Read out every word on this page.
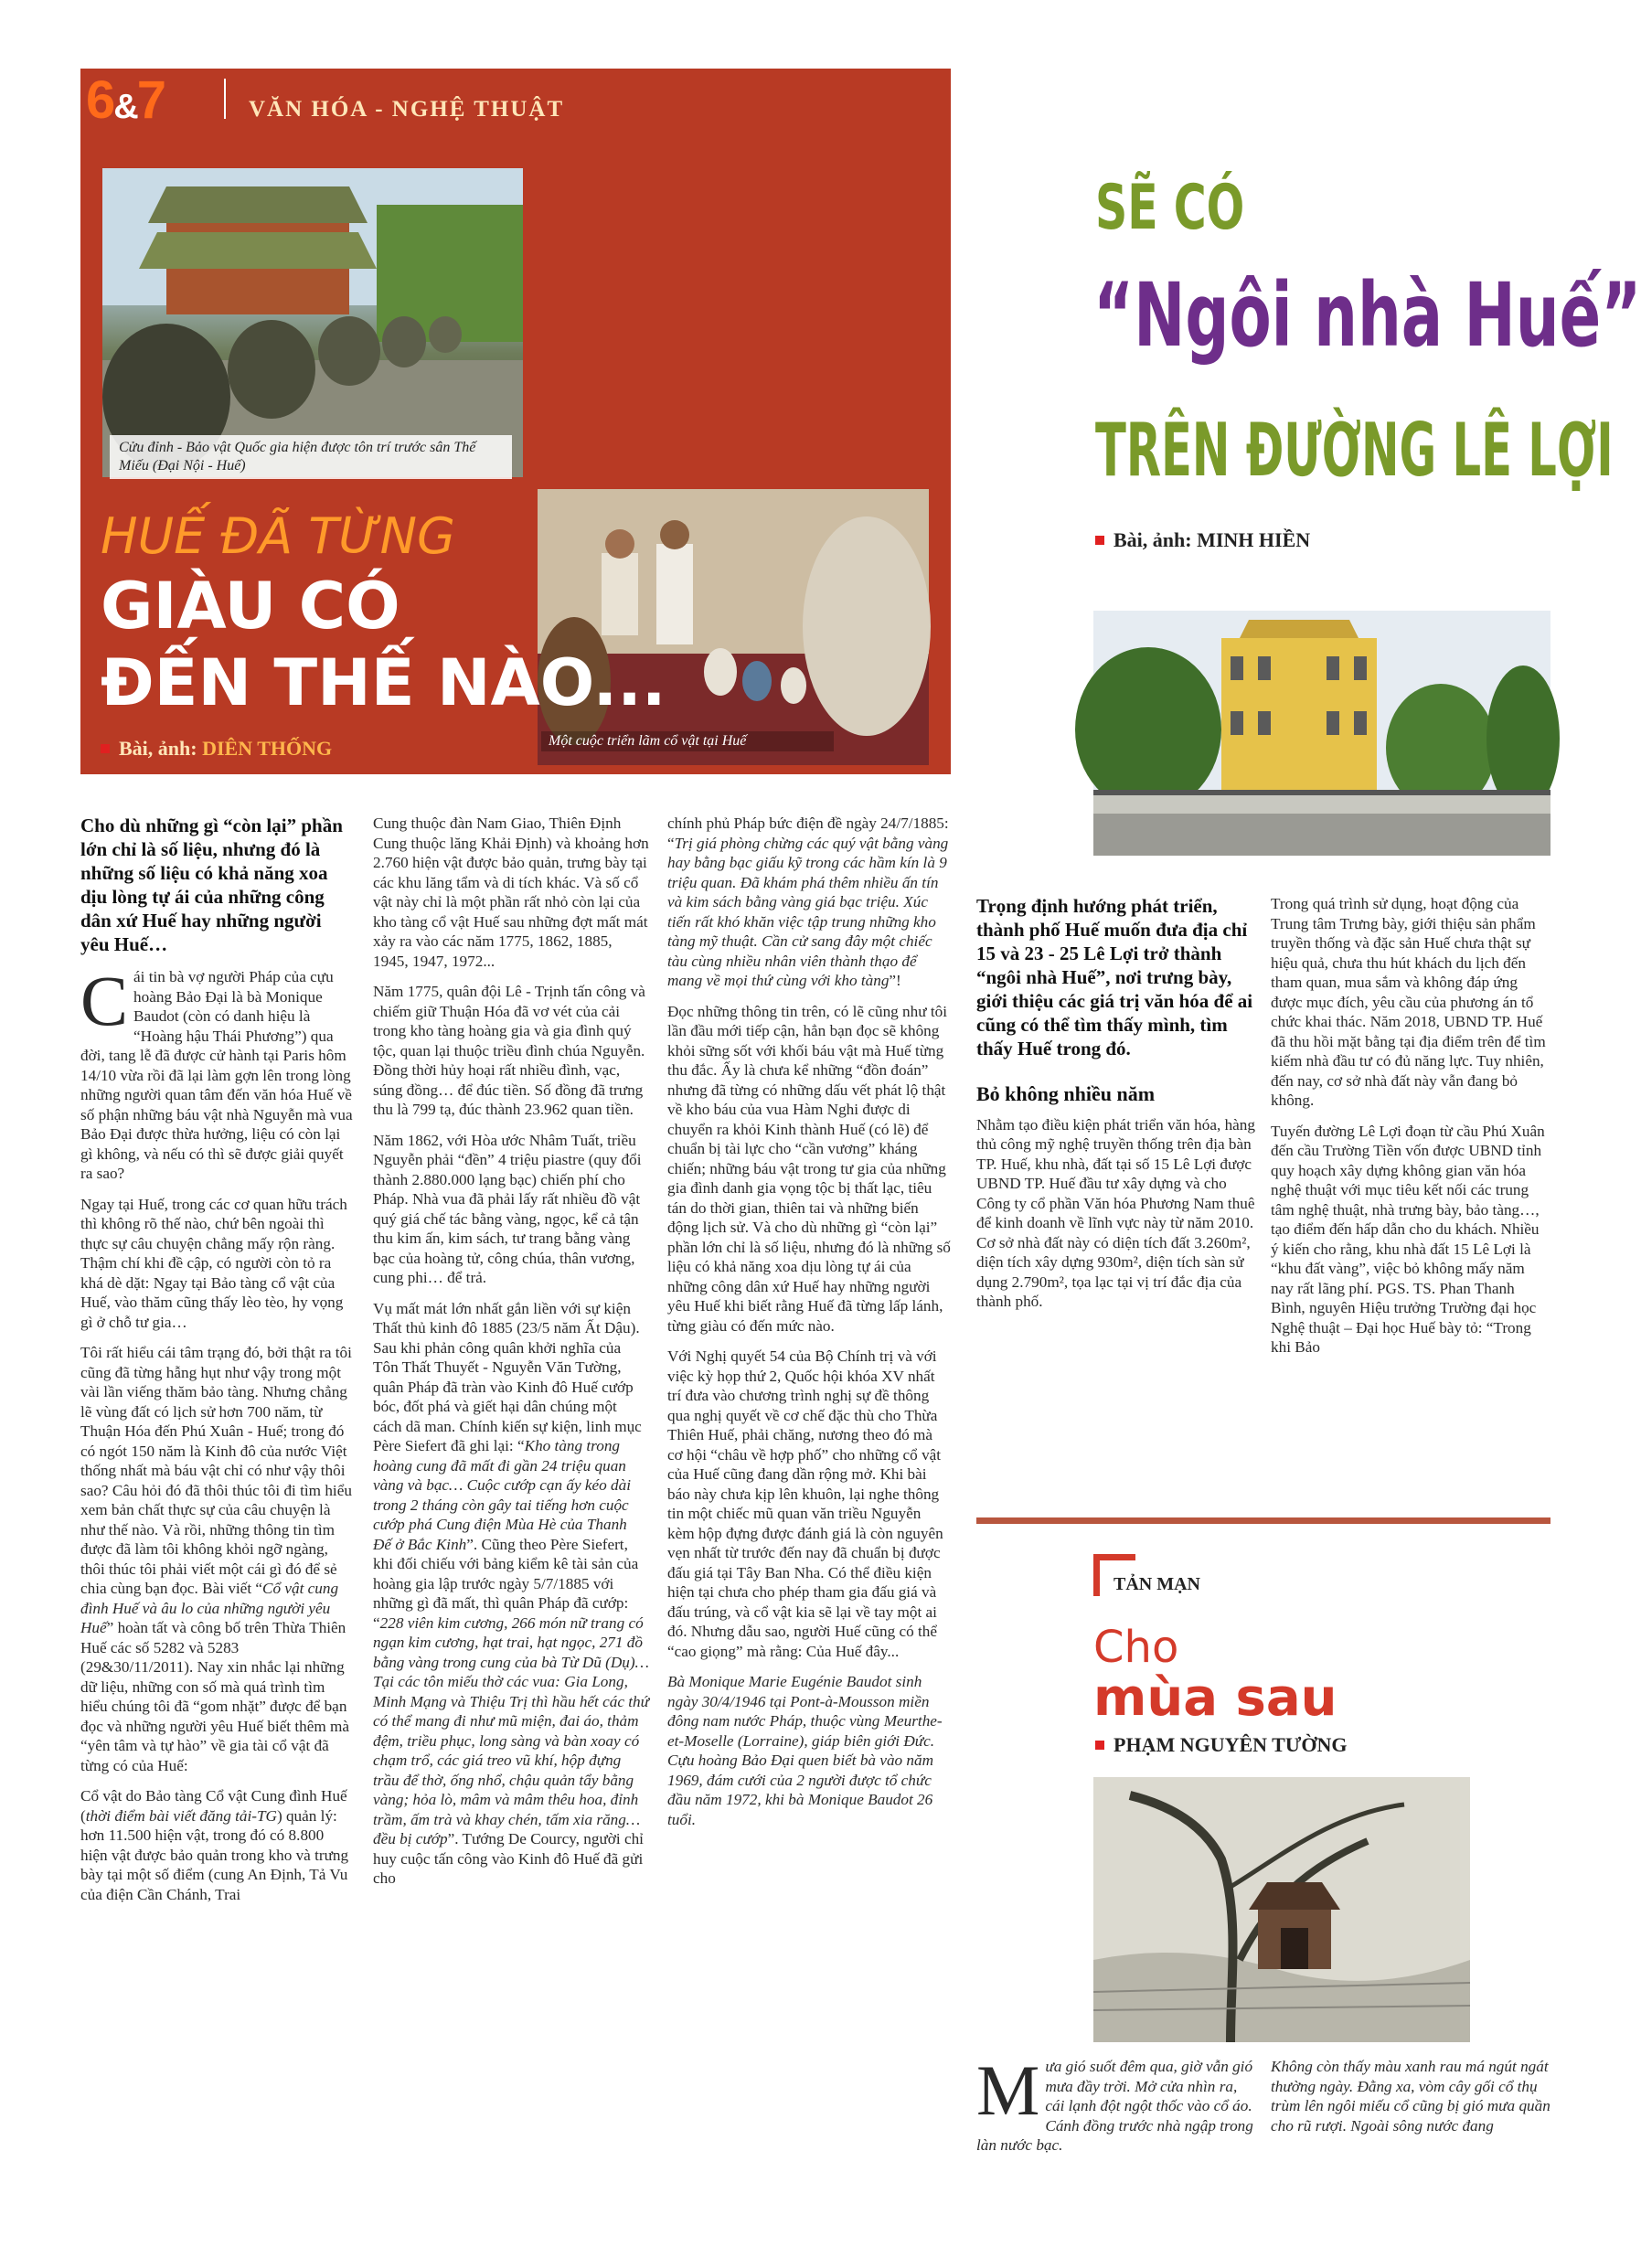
6&7	VĂN HÓA - NGHỆ THUẬT
Cửu đỉnh - Bảo vật Quốc gia hiện được tôn trí trước sân Thế Miếu (Đại Nội - Huế)
Một cuộc triển lãm cổ vật tại Huế
HUẾ ĐÃ TỪNG
GIÀU CÓ
ĐẾN THẾ NÀO...
Bài, ảnh: DIÊN THỐNG
SẼ CÓ
“Ngôi nhà Huế”
TRÊN ĐƯỜNG LÊ LỢI
Bài, ảnh: MINH HIỀN

Cho dù những gì “còn lại” phần lớn chỉ là số liệu, nhưng đó là những số liệu có khả năng xoa dịu lòng tự ái của những công dân xứ Huế hay những người yêu Huế…

Cái tin bà vợ người Pháp của cựu hoàng Bảo Đại là bà Monique Baudot (còn có danh hiệu là “Hoàng hậu Thái Phương”) qua đời, tang lễ đã được cử hành tại Paris hôm 14/10 vừa rồi đã lại làm gợn lên trong lòng những người quan tâm đến văn hóa Huế về số phận những báu vật nhà Nguyễn mà vua Bảo Đại được thừa hưởng, liệu có còn lại gì không, và nếu có thì sẽ được giải quyết ra sao?

Ngay tại Huế, trong các cơ quan hữu trách thì không rõ thế nào, chứ bên ngoài thì thực sự câu chuyện chẳng mấy rộn ràng. Thậm chí khi đề cập, có người còn tỏ ra khá dè dặt: Ngay tại Bảo tàng cổ vật của Huế, vào thăm cũng thấy lèo tèo, hy vọng gì ở chỗ tư gia…

Tôi rất hiểu cái tâm trạng đó, bởi thật ra tôi cũng đã từng hẫng hụt như vậy trong một vài lần viếng thăm bảo tàng. Nhưng chẳng lẽ vùng đất có lịch sử hơn 700 năm, từ Thuận Hóa đến Phú Xuân - Huế; trong đó có ngót 150 năm là Kinh đô của nước Việt thống nhất mà báu vật chỉ có như vậy thôi sao? Câu hỏi đó đã thôi thúc tôi đi tìm hiểu xem bản chất thực sự của câu chuyện là như thế nào. Và rồi, những thông tin tìm được đã làm tôi không khỏi ngỡ ngàng, thôi thúc tôi phải viết một cái gì đó để sẻ chia cùng bạn đọc. Bài viết “Cổ vật cung đình Huế và âu lo của những người yêu Huế” hoàn tất và công bố trên Thừa Thiên Huế các số 5282 và 5283 (29&30/11/2011). Nay xin nhắc lại những dữ liệu, những con số mà quá trình tìm hiểu chúng tôi đã “gom nhặt” được để bạn đọc và những người yêu Huế biết thêm mà “yên tâm và tự hào” về gia tài cổ vật đã từng có của Huế:

Cổ vật do Bảo tàng Cổ vật Cung đình Huế (thời điểm bài viết đăng tải-TG) quản lý: hơn 11.500 hiện vật, trong đó có 8.800 hiện vật được bảo quản trong kho và trưng bày tại một số điểm (cung An Định, Tả Vu của điện Cần Chánh, Trai

Cung thuộc đàn Nam Giao, Thiên Định Cung thuộc lăng Khải Định) và khoảng hơn 2.760 hiện vật được bảo quản, trưng bày tại các khu lăng tẩm và di tích khác. Và số cổ vật này chỉ là một phần rất nhỏ còn lại của kho tàng cổ vật Huế sau những đợt mất mát xảy ra vào các năm 1775, 1862, 1885, 1945, 1947, 1972...

Năm 1775, quân đội Lê - Trịnh tấn công và chiếm giữ Thuận Hóa đã vơ vét của cải trong kho tàng hoàng gia và gia đình quý tộc, quan lại thuộc triều đình chúa Nguyễn. Đồng thời hủy hoại rất nhiều đình, vạc, súng đồng… để đúc tiền. Số đồng đã trưng thu là 799 tạ, đúc thành 23.962 quan tiền.

Năm 1862, với Hòa ước Nhâm Tuất, triều Nguyễn phải “đền” 4 triệu piastre (quy đổi thành 2.880.000 lạng bạc) chiến phí cho Pháp. Nhà vua đã phải lấy rất nhiều đồ vật quý giá chế tác bằng vàng, ngọc, kể cả tận thu kim ấn, kim sách, tư trang bằng vàng bạc của hoàng tử, công chúa, thân vương, cung phi… để trả.

Vụ mất mát lớn nhất gắn liền với sự kiện Thất thủ kinh đô 1885 (23/5 năm Ất Dậu). Sau khi phản công quân khởi nghĩa của Tôn Thất Thuyết - Nguyễn Văn Tường, quân Pháp đã tràn vào Kinh đô Huế cướp bóc, đốt phá và giết hại dân chúng một cách dã man. Chính kiến sự kiện, linh mục Père Siefert đã ghi lại: “Kho tàng trong hoàng cung đã mất đi gần 24 triệu quan vàng và bạc… Cuộc cướp cạn ấy kéo dài trong 2 tháng còn gây tai tiếng hơn cuộc cướp phá Cung điện Mùa Hè của Thanh Đế ở Bắc Kinh”. Cũng theo Père Siefert, khi đối chiếu với bảng kiểm kê tài sản của hoàng gia lập trước ngày 5/7/1885 với những gì đã mất, thì quân Pháp đã cướp: “228 viên kim cương, 266 món nữ trang có ngạn kim cương, hạt trai, hạt ngọc, 271 đồ bằng vàng trong cung của bà Từ Dũ (Dụ)… Tại các tôn miếu thờ các vua: Gia Long, Minh Mạng và Thiệu Trị thì hầu hết các thứ có thể mang đi như mũ miện, đai áo, thảm đệm, triều phục, long sàng và bàn xoay có chạm trổ, các giá treo vũ khí, hộp đựng trầu để thờ, ống nhổ, chậu quản tẩy bằng vàng; hỏa lò, mâm và mâm thêu hoa, đỉnh trầm, ấm trà và khay chén, tấm xia răng… đều bị cướp”. Tướng De Courcy, người chỉ huy cuộc tấn công vào Kinh đô Huế đã gửi cho

chính phủ Pháp bức điện đề ngày 24/7/1885: “Trị giá phòng chừng các quý vật bằng vàng hay bằng bạc giấu kỹ trong các hầm kín là 9 triệu quan. Đã khám phá thêm nhiều ấn tín và kim sách bằng vàng giá bạc triệu. Xúc tiến rất khó khăn việc tập trung những kho tàng mỹ thuật. Cần cử sang đây một chiếc tàu cùng nhiều nhân viên thành thạo để mang về mọi thứ cùng với kho tàng”!

Đọc những thông tin trên, có lẽ cũng như tôi lần đầu mới tiếp cận, hẳn bạn đọc sẽ không khỏi sững sốt với khối báu vật mà Huế từng thu đắc. Ấy là chưa kể những “đồn đoán” nhưng đã từng có những dấu vết phát lộ thật về kho báu của vua Hàm Nghi được di chuyển ra khỏi Kinh thành Huế (có lẽ) để chuẩn bị tài lực cho “cần vương” kháng chiến; những báu vật trong tư gia của những gia đình danh gia vọng tộc bị thất lạc, tiêu tán do thời gian, thiên tai và những biến động lịch sử. Và cho dù những gì “còn lại” phần lớn chỉ là số liệu, nhưng đó là những số liệu có khả năng xoa dịu lòng tự ái của những công dân xứ Huế hay những người yêu Huế khi biết rằng Huế đã từng lấp lánh, từng giàu có đến mức nào.

Với Nghị quyết 54 của Bộ Chính trị và với việc kỳ họp thứ 2, Quốc hội khóa XV nhất trí đưa vào chương trình nghị sự đề thông qua nghị quyết về cơ chế đặc thù cho Thừa Thiên Huế, phải chăng, nương theo đó mà cơ hội “châu về hợp phố” cho những cổ vật của Huế cũng đang dần rộng mở. Khi bài báo này chưa kịp lên khuôn, lại nghe thông tin một chiếc mũ quan văn triều Nguyễn kèm hộp đựng được đánh giá là còn nguyên vẹn nhất từ trước đến nay đã chuẩn bị được đấu giá tại Tây Ban Nha. Có thể điều kiện hiện tại chưa cho phép tham gia đấu giá và đấu trúng, và cổ vật kia sẽ lại về tay một ai đó. Nhưng dẫu sao, người Huế cũng có thể “cao giọng” mà rằng: Của Huế đây...

Bà Monique Marie Eugénie Baudot sinh ngày 30/4/1946 tại Pont-à-Mousson miền đông nam nước Pháp, thuộc vùng Meurthe-et-Moselle (Lorraine), giáp biên giới Đức. Cựu hoàng Bảo Đại quen biết bà vào năm 1969, đám cưới của 2 người được tổ chức đầu năm 1972, khi bà Monique Baudot 26 tuổi.

Trọng định hướng phát triển, thành phố Huế muốn đưa địa chỉ 15 và 23 - 25 Lê Lợi trở thành “ngôi nhà Huế”, nơi trưng bày, giới thiệu các giá trị văn hóa để ai cũng có thể tìm thấy mình, tìm thấy Huế trong đó.

Bỏ không nhiều năm

Nhằm tạo điều kiện phát triển văn hóa, hàng thủ công mỹ nghệ truyền thống trên địa bàn TP. Huế, khu nhà, đất tại số 15 Lê Lợi được UBND TP. Huế đầu tư xây dựng và cho Công ty cổ phần Văn hóa Phương Nam thuê để kinh doanh về lĩnh vực này từ năm 2010. Cơ sở nhà đất này có diện tích đất 3.260m², diện tích xây dựng 930m², diện tích sàn sử dụng 2.790m², tọa lạc tại vị trí đắc địa của thành phố.

Trong quá trình sử dụng, hoạt động của Trung tâm Trưng bày, giới thiệu sản phẩm truyền thống và đặc sản Huế chưa thật sự hiệu quả, chưa thu hút khách du lịch đến tham quan, mua sắm và không đáp ứng được mục đích, yêu cầu của phương án tổ chức khai thác. Năm 2018, UBND TP. Huế đã thu hồi mặt bằng tại địa điểm trên để tìm kiếm nhà đầu tư có đủ năng lực. Tuy nhiên, đến nay, cơ sở nhà đất này vẫn đang bỏ không.

Tuyến đường Lê Lợi đoạn từ cầu Phú Xuân đến cầu Trường Tiền vốn được UBND tỉnh quy hoạch xây dựng không gian văn hóa nghệ thuật với mục tiêu kết nối các trung tâm nghệ thuật, nhà trưng bày, bảo tàng…, tạo điểm đến hấp dẫn cho du khách. Nhiều ý kiến cho rằng, khu nhà đất 15 Lê Lợi là “khu đất vàng”, việc bỏ không mấy năm nay rất lãng phí. PGS. TS. Phan Thanh Bình, nguyên Hiệu trưởng Trường đại học Nghệ thuật – Đại học Huế bày tỏ: “Trong khi Bảo

TẢN MẠN
Cho
mùa sau
PHẠM NGUYÊN TƯỜNG

Mưa gió suốt đêm qua, giờ vẫn gió mưa đầy trời. Mở cửa nhìn ra, cái lạnh đột ngột thốc vào cổ áo. Cánh đồng trước nhà ngập trong làn nước bạc.

Không còn thấy màu xanh rau má ngút ngát thường ngày. Đằng xa, vòm cây gối cổ thụ trùm lên ngôi miếu cổ cũng bị gió mưa quần cho rũ rượi. Ngoài sông nước đang
